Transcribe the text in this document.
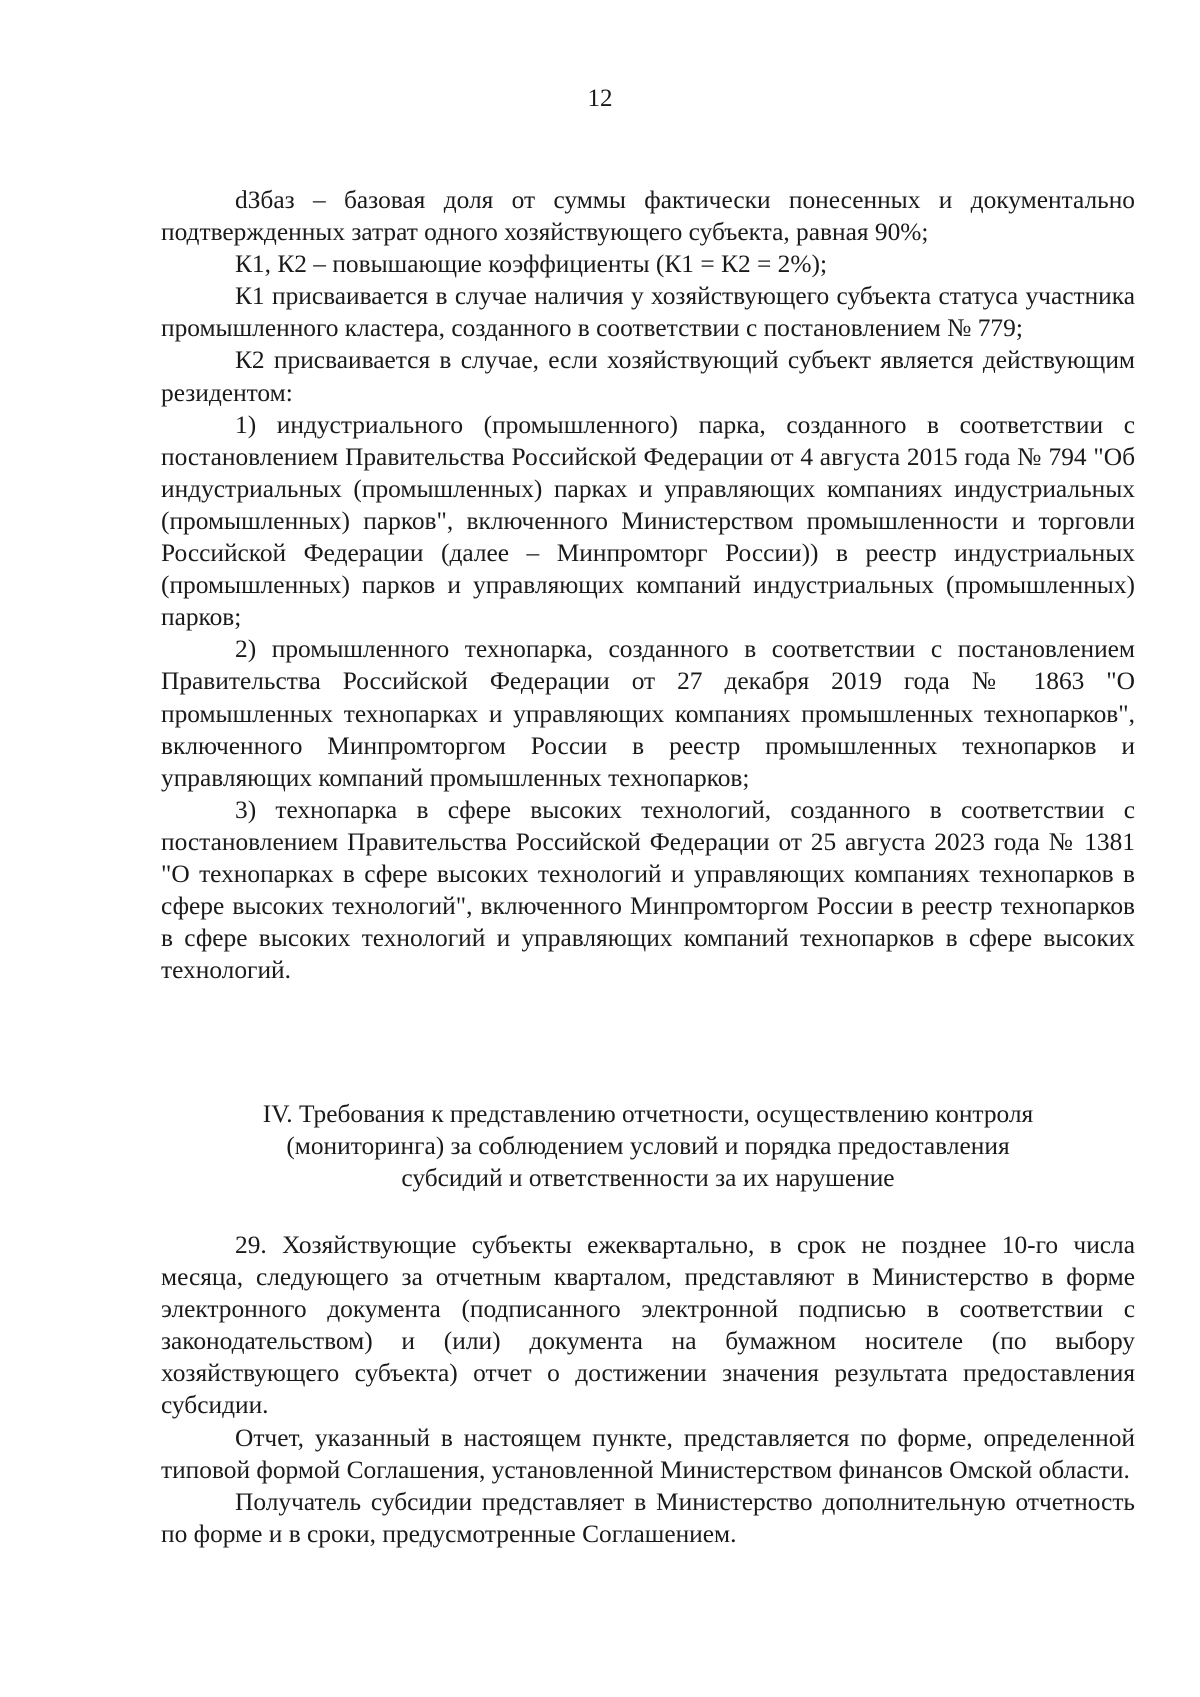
12

dЗбаз – базовая доля от суммы фактически понесенных и документально подтвержденных затрат одного хозяйствующего субъекта, равная 90%;

К1, К2 – повышающие коэффициенты (К1 = К2 = 2%);

К1 присваивается в случае наличия у хозяйствующего субъекта статуса участника промышленного кластера, созданного в соответствии с постановлением № 779;

К2 присваивается в случае, если хозяйствующий субъект является действующим резидентом:

1) индустриального (промышленного) парка, созданного в соответствии с постановлением Правительства Российской Федерации от 4 августа 2015 года № 794 "Об индустриальных (промышленных) парках и управляющих компаниях индустриальных (промышленных) парков", включенного Министерством промышленности и торговли Российской Федерации (далее – Минпромторг России)) в реестр индустриальных (промышленных) парков и управляющих компаний индустриальных (промышленных) парков;

2) промышленного технопарка, созданного в соответствии с постановлением Правительства Российской Федерации от 27 декабря 2019 года № 1863 "О промышленных технопарках и управляющих компаниях промышленных технопарков", включенного Минпромторгом России в реестр промышленных технопарков и управляющих компаний промышленных технопарков;

3) технопарка в сфере высоких технологий, созданного в соответствии с постановлением Правительства Российской Федерации от 25 августа 2023 года № 1381 "О технопарках в сфере высоких технологий и управляющих компаниях технопарков в сфере высоких технологий", включенного Минпромторгом России в реестр технопарков в сфере высоких технологий и управляющих компаний технопарков в сфере высоких технологий.

IV. Требования к представлению отчетности, осуществлению контроля
(мониторинга) за соблюдением условий и порядка предоставления
субсидий и ответственности за их нарушение

29. Хозяйствующие субъекты ежеквартально, в срок не позднее 10-го числа месяца, следующего за отчетным кварталом, представляют в Министерство в форме электронного документа (подписанного электронной подписью в соответствии с законодательством) и (или) документа на бумажном носителе (по выбору хозяйствующего субъекта) отчет о достижении значения результата предоставления субсидии.

Отчет, указанный в настоящем пункте, представляется по форме, определенной типовой формой Соглашения, установленной Министерством финансов Омской области.

Получатель субсидии представляет в Министерство дополнительную отчетность по форме и в сроки, предусмотренные Соглашением.
